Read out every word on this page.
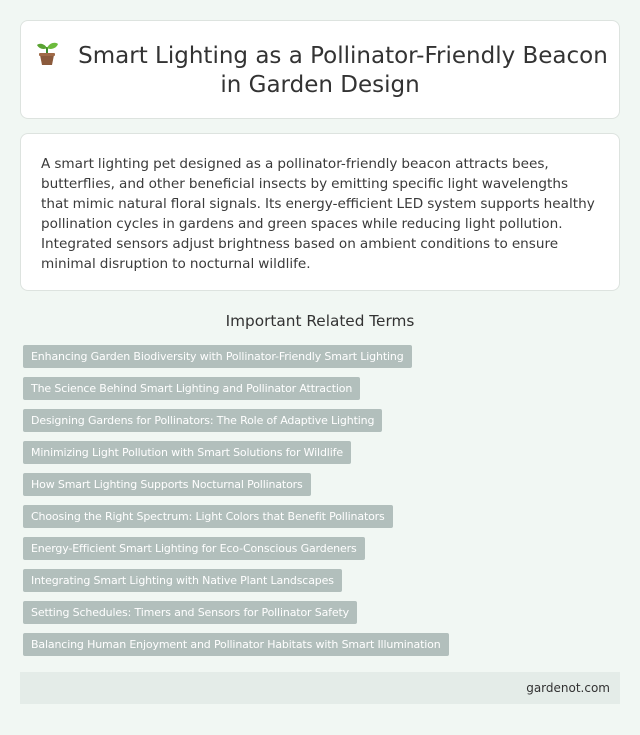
Smart Lighting as a Pollinator-Friendly Beacon in Garden Design

A smart lighting pet designed as a pollinator-friendly beacon attracts bees, butterflies, and other beneficial insects by emitting specific light wavelengths that mimic natural floral signals. Its energy-efficient LED system supports healthy pollination cycles in gardens and green spaces while reducing light pollution. Integrated sensors adjust brightness based on ambient conditions to ensure minimal disruption to nocturnal wildlife.

Important Related Terms
Enhancing Garden Biodiversity with Pollinator-Friendly Smart Lighting
The Science Behind Smart Lighting and Pollinator Attraction
Designing Gardens for Pollinators: The Role of Adaptive Lighting
Minimizing Light Pollution with Smart Solutions for Wildlife
How Smart Lighting Supports Nocturnal Pollinators
Choosing the Right Spectrum: Light Colors that Benefit Pollinators
Energy-Efficient Smart Lighting for Eco-Conscious Gardeners
Integrating Smart Lighting with Native Plant Landscapes
Setting Schedules: Timers and Sensors for Pollinator Safety
Balancing Human Enjoyment and Pollinator Habitats with Smart Illumination
gardenot.com
